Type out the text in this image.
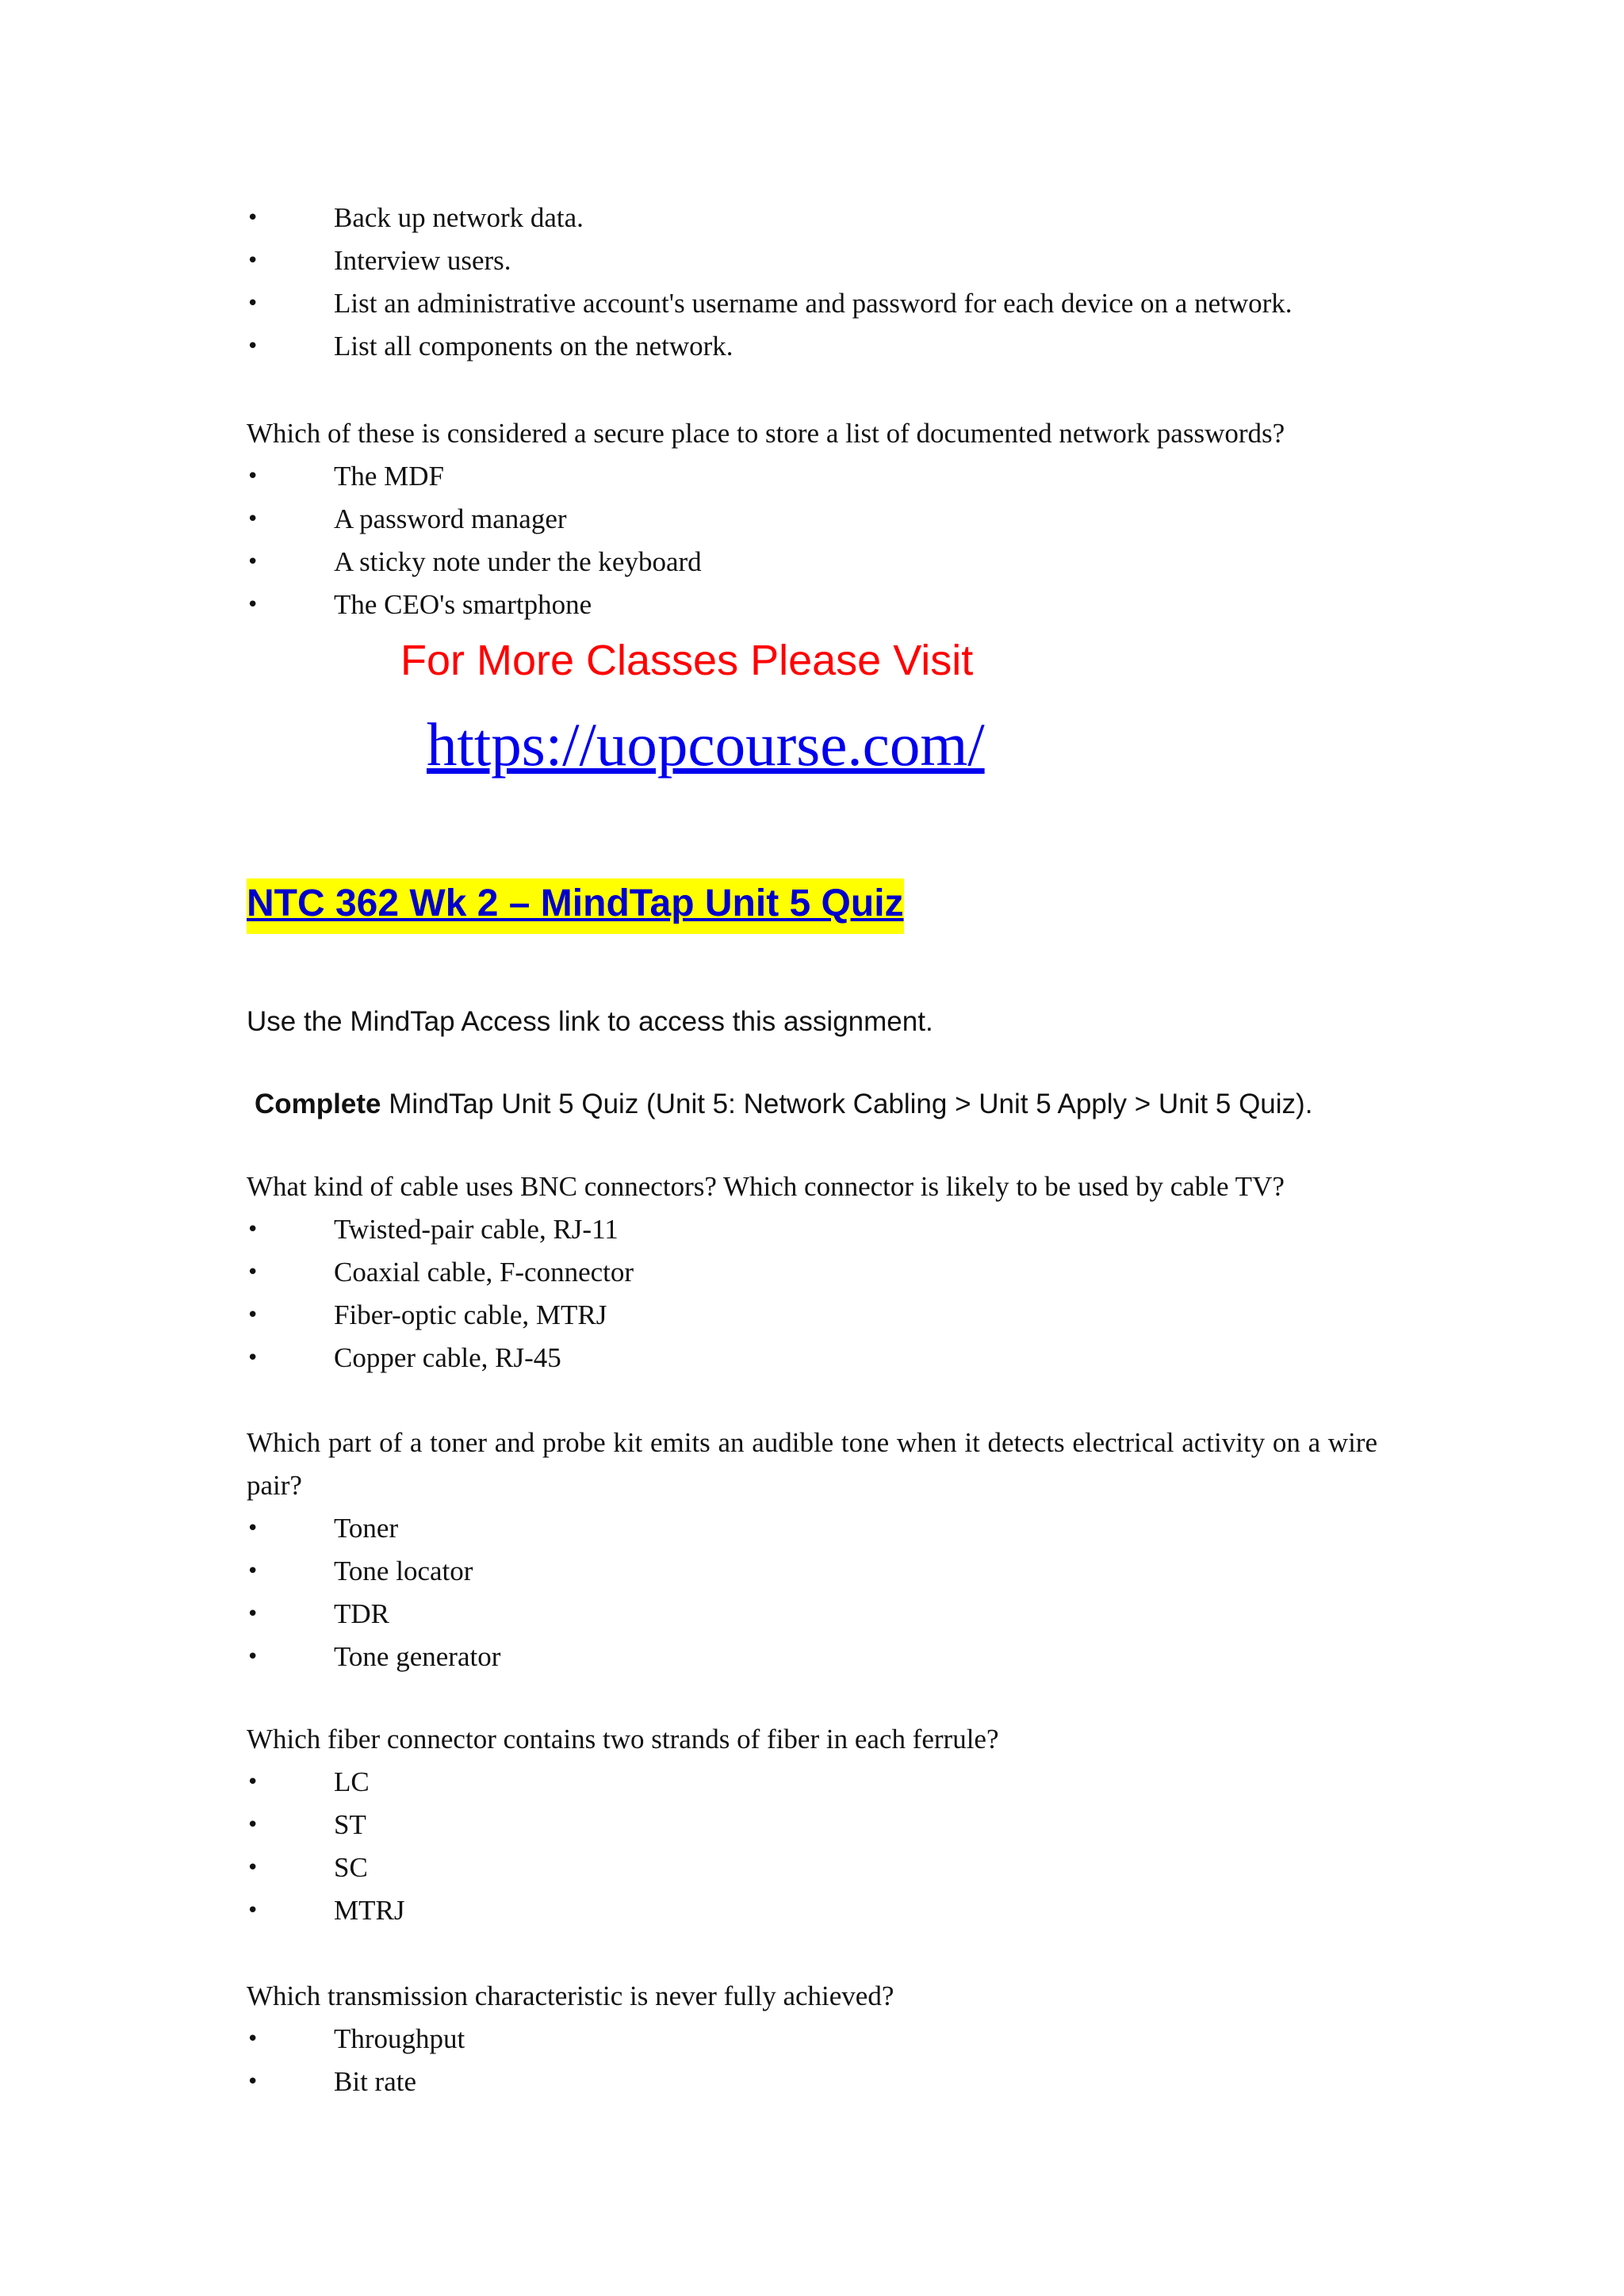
•	Back up network data.
•	Interview users.
•	List an administrative account's username and password for each device on a network.
•	List all components on the network.

Which of these is considered a secure place to store a list of documented network passwords?

•	The MDF
•	A password manager
•	A sticky note under the keyboard
•	The CEO's smartphone
For More Classes Please Visit
https://uopcourse.com/
NTC 362 Wk 2 – MindTap Unit 5 Quiz
Use the MindTap Access link to access this assignment.
Complete MindTap Unit 5 Quiz (Unit 5: Network Cabling > Unit 5 Apply > Unit 5 Quiz).

What kind of cable uses BNC connectors? Which connector is likely to be used by cable TV?

•	Twisted-pair cable, RJ-11
•	Coaxial cable, F-connector
•	Fiber-optic cable, MTRJ
•	Copper cable, RJ-45

Which part of a toner and probe kit emits an audible tone when it detects electrical activity on a wire pair?

•	Toner
•	Tone locator
•	TDR
•	Tone generator

Which fiber connector contains two strands of fiber in each ferrule?

•	LC
•	ST
•	SC
•	MTRJ

Which transmission characteristic is never fully achieved?

•	Throughput
•	Bit rate
